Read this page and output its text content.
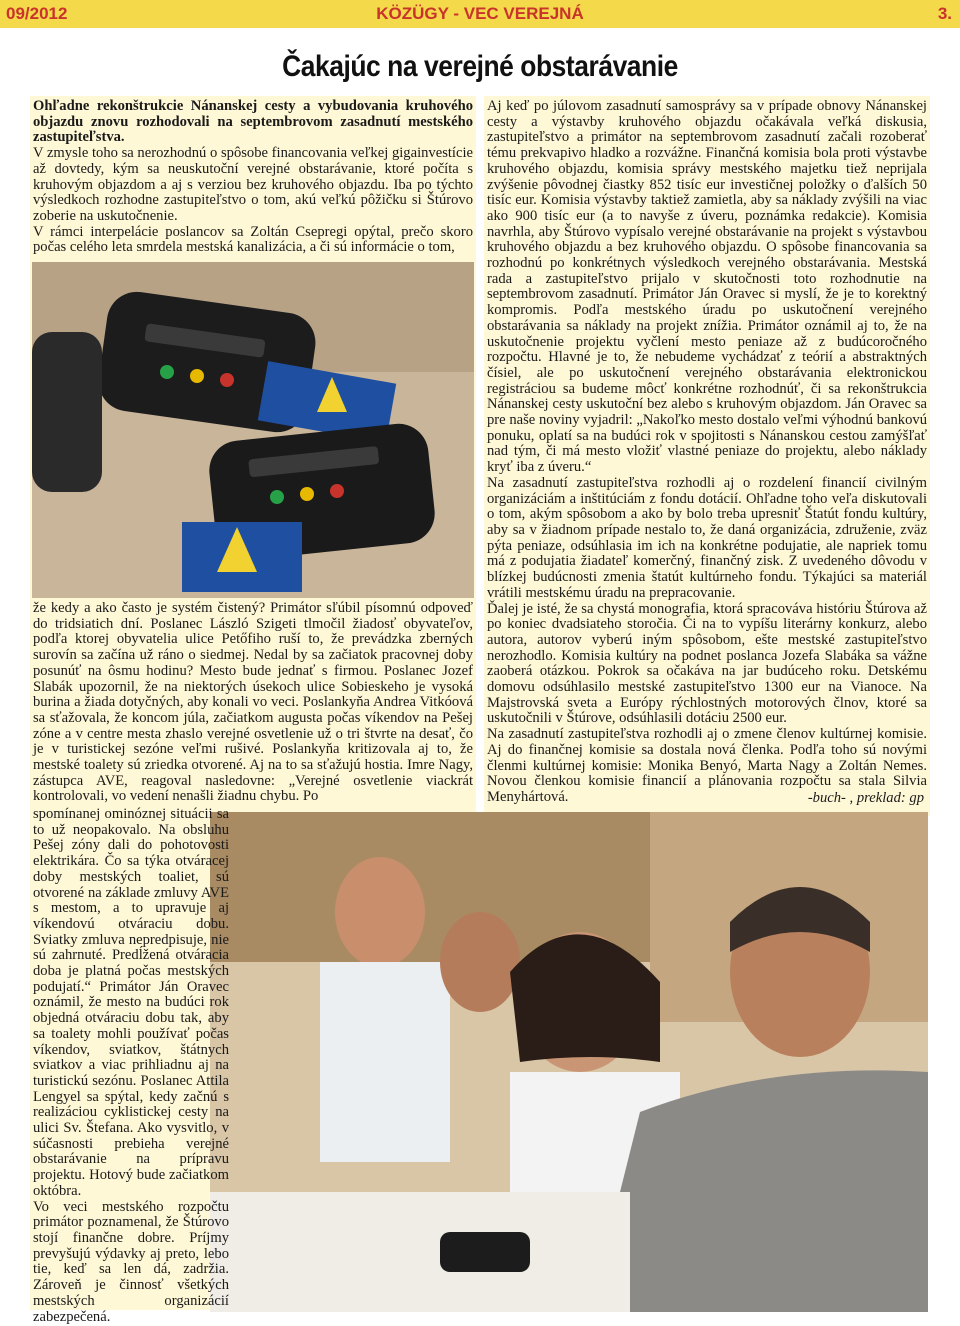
09/2012	KÖZÜGY - VEC VEREJNÁ	3.
Čakajúc na verejné obstarávanie

Ohľadne rekonštrukcie Nánanskej cesty a vybudovania kruhového objazdu znovu rozhodovali na septembrovom zasadnutí mestského zastupiteľstva.

V zmysle toho sa nerozhodnú o spôsobe financovania veľkej gigainvestície až dovtedy, kým sa neuskutoční verejné obstarávanie, ktoré počíta s kruhovým objazdom a aj s verziou bez kruhového objazdu. Iba po týchto výsledkoch rozhodne zastupiteľstvo o tom, akú veľkú pôžičku si Štúrovo zoberie na uskutočnenie.

V rámci interpelácie poslancov sa Zoltán Csepregi opýtal, prečo skoro počas celého leta smrdela mestská kanalizácia, a či sú informácie o tom,

že kedy a ako často je systém čistený? Primátor sľúbil písomnú odpoveď do tridsiatich dní. Poslanec László Szigeti tlmočil žiadosť obyvateľov, podľa ktorej obyvatelia ulice Petőfiho ruší to, že prevádzka zberných surovín sa začína už ráno o siedmej. Nedal by sa začiatok pracovnej doby posunúť na ôsmu hodinu? Mesto bude jednať s firmou. Poslanec Jozef Slabák upozornil, že na niektorých úsekoch ulice Sobieskeho je vysoká burina a žiada dotyčných, aby konali vo veci. Poslankyňa Andrea Vitkóová sa sťažovala, že koncom júla, začiatkom augusta počas víkendov na Pešej zóne a v centre mesta zhaslo verejné osvetlenie už o tri štvrte na desať, čo je v turistickej sezóne veľmi rušivé. Poslankyňa kritizovala aj to, že mestské toalety sú zriedka otvorené. Aj na to sa sťažujú hostia. Imre Nagy, zástupca AVE, reagoval nasledovne: „Verejné osvetlenie viackrát kontrolovali, vo vedení nenašli žiadnu chybu. Po

spomínanej ominóznej situácii sa to už neopakovalo. Na obsluhu Pešej zóny dali do pohotovosti elektrikára. Čo sa týka otváracej doby mestských toaliet, sú otvorené na základe zmluvy AVE s mestom, a to upravuje aj víkendovú otváraciu dobu. Sviatky zmluva nepredpisuje, nie sú zahrnuté. Predĺžená otváracia doba je platná počas mestských podujatí.“ Primátor Ján Oravec oznámil, že mesto na budúci rok objedná otváraciu dobu tak, aby sa toalety mohli používať počas víkendov, sviatkov, štátnych sviatkov a viac prihliadnu aj na turistickú sezónu. Poslanec Attila Lengyel sa spýtal, kedy začnú s realizáciou cyklistickej cesty na ulici Sv. Štefana. Ako vysvitlo, v súčasnosti prebieha verejné obstarávanie na prípravu projektu. Hotový bude začiatkom októbra.

Vo veci mestského rozpočtu primátor poznamenal, že Štúrovo stojí finančne dobre. Príjmy prevyšujú výdavky aj preto, lebo tie, keď sa len dá, zadržia. Zároveň je činnosť všetkých mestských organizácií zabezpečená.

Aj keď po júlovom zasadnutí samosprávy sa v prípade obnovy Nánanskej cesty a výstavby kruhového objazdu očakávala veľká diskusia, zastupiteľstvo a primátor na septembrovom zasadnutí začali rozoberať tému prekvapivo hladko a rozvážne. Finančná komisia bola proti výstavbe kruhového objazdu, komisia správy mestského majetku tiež neprijala zvýšenie pôvodnej čiastky 852 tisíc eur investičnej položky o ďalších 50 tisíc eur. Komisia výstavby taktiež zamietla, aby sa náklady zvýšili na viac ako 900 tisíc eur (a to navyše z úveru, poznámka redakcie). Komisia navrhla, aby Štúrovo vypísalo verejné obstarávanie na projekt s výstavbou kruhového objazdu a bez kruhového objazdu. O spôsobe financovania sa rozhodnú po konkrétnych výsledkoch verejného obstarávania. Mestská rada a zastupiteľstvo prijalo v skutočnosti toto rozhodnutie na septembrovom zasadnutí. Primátor Ján Oravec si myslí, že je to korektný kompromis. Podľa mestského úradu po uskutočnení verejného obstarávania sa náklady na projekt znížia. Primátor oznámil aj to, že na uskutočnenie projektu vyčlení mesto peniaze až z budúcoročného rozpočtu. Hlavné je to, že nebudeme vychádzať z teórií a abstraktných čísiel, ale po uskutočnení verejného obstarávania elektronickou registráciou sa budeme môcť konkrétne rozhodnúť, či sa rekonštrukcia Nánanskej cesty uskutoční bez alebo s kruhovým objazdom. Ján Oravec sa pre naše noviny vyjadril: „Nakoľko mesto dostalo veľmi výhodnú bankovú ponuku, oplatí sa na budúci rok v spojitosti s Nánanskou cestou zamýšľať nad tým, či má mesto vložiť vlastné peniaze do projektu, alebo náklady kryť iba z úveru.“

Na zasadnutí zastupiteľstva rozhodli aj o rozdelení financií civilným organizáciám a inštitúciám z fondu dotácií. Ohľadne toho veľa diskutovali o tom, akým spôsobom a ako by bolo treba upresniť Štatút fondu kultúry, aby sa v žiadnom prípade nestalo to, že daná organizácia, združenie, zväz pýta peniaze, odsúhlasia im ich na konkrétne podujatie, ale napriek tomu má z podujatia žiadateľ komerčný, finančný zisk. Z uvedeného dôvodu v blízkej budúcnosti zmenia štatút kultúrneho fondu. Týkajúci sa materiál vrátili mestskému úradu na prepracovanie.

Ďalej je isté, že sa chystá monografia, ktorá spracováva históriu Štúrova až po koniec dvadsiateho storočia. Či na to vypíšu literárny konkurz, alebo autora, autorov vyberú iným spôsobom, ešte mestské zastupiteľstvo nerozhodlo. Komisia kultúry na podnet poslanca Jozefa Slabáka sa vážne zaoberá otázkou. Pokrok sa očakáva na jar budúceho roku. Detskému domovu odsúhlasilo mestské zastupiteľstvo 1300 eur na Vianoce. Na Majstrovská sveta a Európy rýchlostných motorových člnov, ktoré sa uskutočnili v Štúrove, odsúhlasili dotáciu 2500 eur.

Na zasadnutí zastupiteľstva rozhodli aj o zmene členov kultúrnej komisie. Aj do finančnej komisie sa dostala nová členka. Podľa toho sú novými členmi kultúrnej komisie: Monika Benyó, Marta Nagy a Zoltán Nemes. Novou členkou komisie financií a plánovania rozpočtu sa stala Silvia Menyhártová.	-buch- , preklad: gp
